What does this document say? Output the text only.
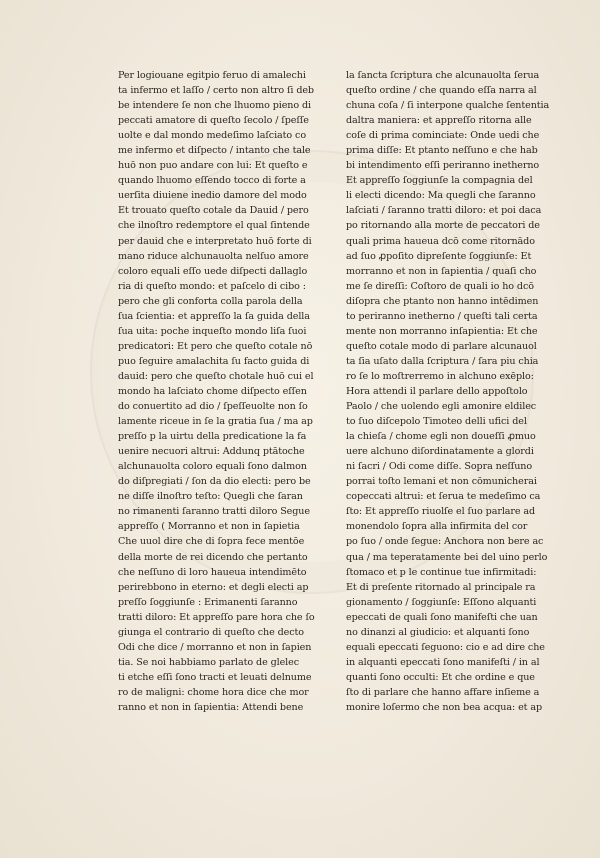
Per logiouane egitpio feruo di amalechi
ta infermo et laſſo / certo non altro ſi deb
be intendere ſe non che lhuomo pieno di
peccati amatore di queſto ſecolo / ſpeſſe
uolte e dal mondo medeſimo laſciato co
me infermo et diſpecto / intanto che tale
huō non puo andare con lui: Et queſto e
quando lhuomo eſſendo tocco di forte a
uerſita diuiene inedio damore del modo
Et trouato queſto cotale da Dauid / pero
che ilnoſtro redemptore el qual ſintende
per dauid che e interpretato huō forte di
mano riduce alchunauolta nelſuo amore
coloro equali eſſo uede diſpecti dallaglo
ria di queſto mondo: et paſcelo di cibo :
pero che gli conforta colla parola della
ſua ſcientia: et appreſſo la ſa guida della
ſua uita: poche inqueſto mondo liſa ſuoi
predicatori: Et pero che queſto cotale nō
puo ſeguire amalachita ſu facto guida di
dauid: pero che queſto chotale huō cui el
mondo ha laſciato chome diſpecto eſſen
do conuertito ad dio / ſpeſſeuolte non ſo
lamente riceue in ſe la gratia ſua / ma ap
preſſo p la uirtu della predicatione la fa
uenire necuori altrui: Addunq ptātoche
alchunauolta coloro equali ſono dalmon
do diſpregiati / ſon da dio electi: pero be
ne diſſe ilnoſtro teſto: Quegli che ſaran
no rimanenti ſaranno tratti diloro Segue
appreſſo ( Morranno et non in ſapietia
Che uuol dire che di ſopra fece mentōe
della morte de rei dicendo che pertanto
che neſſuno di loro haueua intendimēto
perirebbono in eterno: et degli electi ap
preſſo ſoggiunſe : Erimanenti ſaranno
tratti diloro: Et appreſſo pare hora che ſo
giunga el contrario di queſto che decto
Odi che dice / morranno et non in ſapien
tia. Se noi habbiamo parlato de glelec
ti etche eſſi ſono tracti et leuati delnume
ro de maligni: chome hora dice che mor
ranno et non in ſapientia: Attendi bene
la ſancta ſcriptura che alcunauolta ſerua
queſto ordine / che quando eſſa narra al
chuna coſa / ſi interpone qualche ſententia
daltra maniera: et appreſſo ritorna alle
coſe di prima cominciate: Onde uedi che
prima diſſe: Et ptanto neſſuno e che hab
bi intendimento eſſi periranno inetherno
Et appreſſo ſoggiunſe la compagnia del
li electi dicendo: Ma quegli che ſaranno
laſciati / ſaranno tratti diloro: et poi daca
po ritornando alla morte de peccatori de
quali prima haueua dcō come ritornādo
ad ſuo ꝓpoſito dipreſente ſoggiunſe: Et
morranno et non in ſapientia / quaſi cho
me ſe direſſi: Coſtoro de quali io ho dcō
diſopra che ptanto non hanno intēdimen
to periranno inetherno / queſti tali certa
mente non morranno inſapientia: Et che
queſto cotale modo di parlare alcunauol
ta ſia uſato dalla ſcriptura / ſara piu chia
ro ſe lo moſtrerremo in alchuno exēplo:
Hora attendi il parlare dello appoſtolo
Paolo / che uolendo egli amonire eldilec
to ſuo diſcepolo Timoteo delli ufici del
la chieſa / chome egli non doueſſi ꝓmuo
uere alchuno diſordinatamente a glordi
ni ſacri / Odi come diſſe. Sopra neſſuno
porrai toſto lemani et non cōmunicherai
copeccati altrui: et ſerua te medeſimo ca
ſto: Et appreſſo riuolſe el ſuo parlare ad
monendolo ſopra alla infirmita del cor
po ſuo / onde ſegue: Anchora non bere ac
qua / ma teperatamente bei del uino perlo
ſtomaco et p le continue tue infirmitadi:
Et di preſente ritornado al principale ra
gionamento / ſoggiunſe: Eſſono alquanti
epeccati de quali ſono manifeſti che uan
no dinanzi al giudicio: et alquanti ſono
equali epeccati ſeguono: cio e ad dire che
in alquanti epeccati ſono manifeſti / in al
quanti ſono occulti: Et che ordine e que
ſto di parlare che hanno affare inſieme a
monire loſermo che non bea acqua: et ap
